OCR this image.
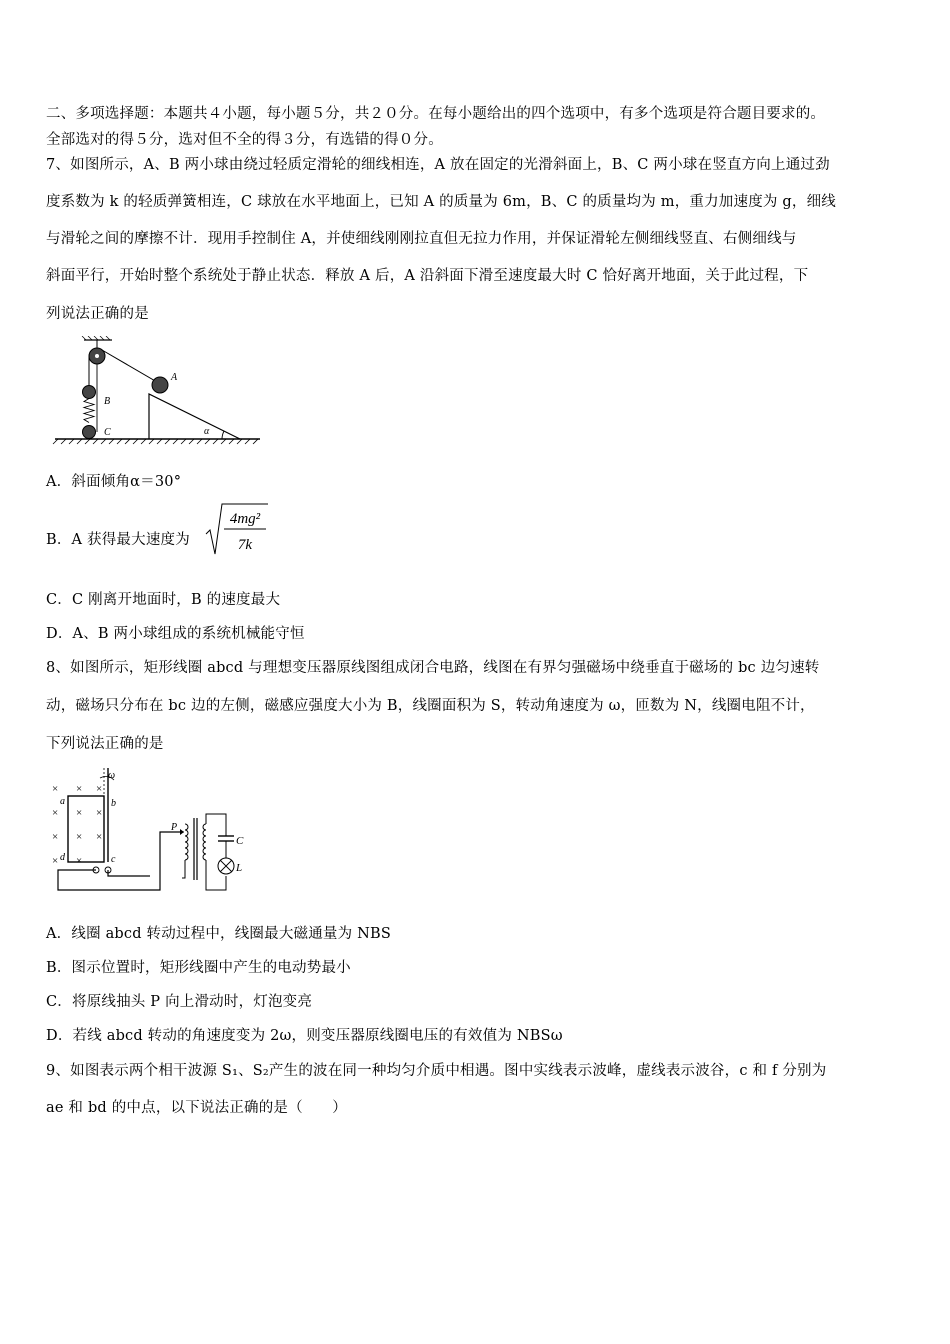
二、多项选择题：本题共４小题，每小题５分，共２０分。在每小题给出的四个选项中，有多个选项是符合题目要求的。
全部选对的得５分，选对但不全的得３分，有选错的得０分。
7、如图所示，A、B 两小球由绕过轻质定滑轮的细线相连，A 放在固定的光滑斜面上，B、C 两小球在竖直方向上通过劲
度系数为 k 的轻质弹簧相连，C 球放在水平地面上，已知 A 的质量为 6m，B、C 的质量均为 m，重力加速度为 g，细线
与滑轮之间的摩擦不计．现用手控制住 A，并使细线刚刚拉直但无拉力作用，并保证滑轮左侧细线竖直、右侧细线与
斜面平行，开始时整个系统处于静止状态．释放 A 后，A 沿斜面下滑至速度最大时 C 恰好离开地面，关于此过程，下
列说法正确的是
α
A
B
C
A．斜面倾角α＝30°
B．A 获得最大速度为
4mg²
7k
C．C 刚离开地面时，B 的速度最大
D．A、B 两小球组成的系统机械能守恒
8、如图所示，矩形线圈 abcd 与理想变压器原线图组成闭合电路，线图在有界匀强磁场中绕垂直于磁场的 bc 边匀速转
动，磁场只分布在 bc 边的左侧，磁感应强度大小为 B，线圈面积为 S，转动角速度为 ω，匝数为 N，线圈电阻不计，
下列说法正确的是
× × ×
× × ×
× × ×
× ×
ω
a	b
c
d
P
C
L
A．线圈 abcd 转动过程中，线圈最大磁通量为 NBS
B．图示位置时，矩形线圈中产生的电动势最小
C．将原线抽头 P 向上滑动时，灯泡变亮
D．若线 abcd 转动的角速度变为 2ω，则变压器原线圈电压的有效值为 NBSω
9、如图表示两个相干波源 S₁、S₂产生的波在同一种均匀介质中相遇。图中实线表示波峰，虚线表示波谷，c 和 f 分别为
ae 和 bd 的中点，以下说法正确的是（　　）
